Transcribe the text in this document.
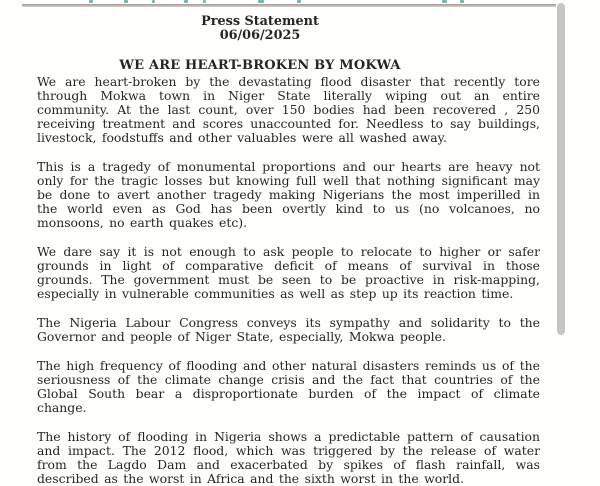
Press Statement
06/06/2025
WE ARE HEART-BROKEN BY MOKWA

We are heart-broken by the devastating flood disaster that recently tore through Mokwa town in Niger State literally wiping out an entire community. At the last count, over 150 bodies had been recovered , 250 receiving treatment and scores unaccounted for. Needless to say buildings, livestock, foodstuffs and other valuables were all washed away.

This is a tragedy of monumental proportions and our hearts are heavy not only for the tragic losses but knowing full well that nothing significant may be done to avert another tragedy making Nigerians the most imperilled in the world even as God has been overtly kind to us (no volcanoes, no monsoons, no earth quakes etc).

We dare say it is not enough to ask people to relocate to higher or safer grounds in light of comparative deficit of means of survival in those grounds. The government must be seen to be proactive in risk-mapping, especially in vulnerable communities as well as step up its reaction time.

The Nigeria Labour Congress conveys its sympathy and solidarity to the Governor and people of Niger State, especially, Mokwa people.

The high frequency of flooding and other natural disasters reminds us of the seriousness of the climate change crisis and the fact that countries of the Global South bear a disproportionate burden of the impact of climate change.

The history of flooding in Nigeria shows a predictable pattern of causation and impact. The 2012 flood, which was triggered by the release of water from the Lagdo Dam and exacerbated by spikes of flash rainfall, was described as the worst in Africa and the sixth worst in the world.
